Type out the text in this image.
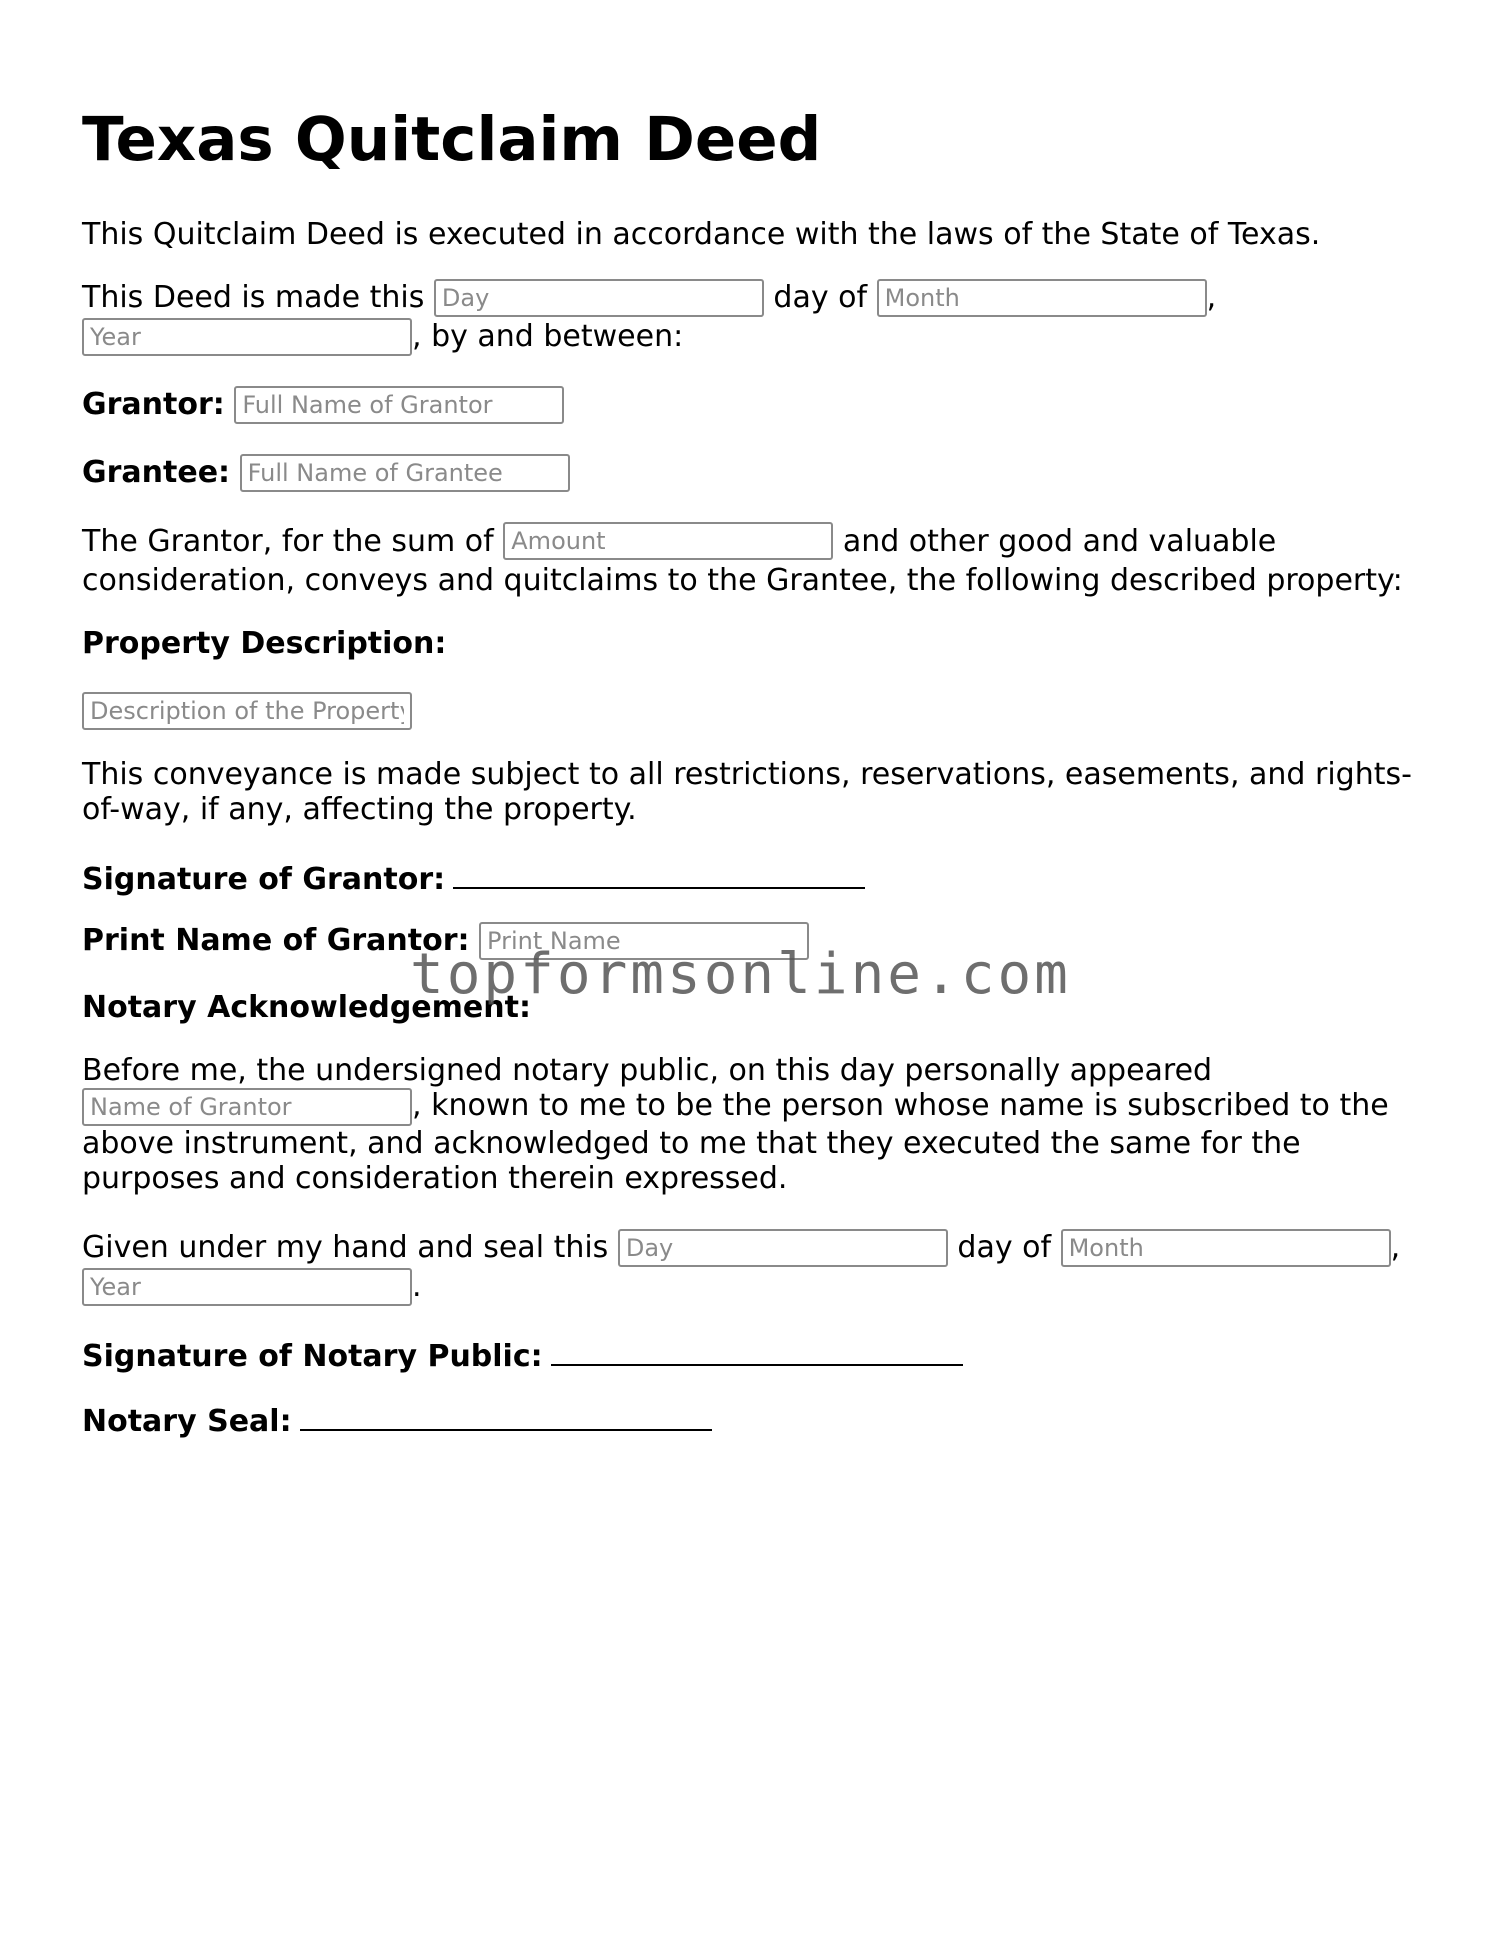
Texas Quitclaim Deed
This Quitclaim Deed is executed in accordance with the laws of the State of Texas.
This Deed is made this Day	day of Month	,
Year, by and between:
Grantor: Full Name of Grantor
Grantee: Full Name of Grantee
The Grantor, for the sum of Amount	and other good and valuable consideration, conveys and quitclaims to the Grantee, the following described property:
Property Description:
Description of the Property
This conveyance is made subject to all restrictions, reservations, easements, and rights-of-way, if any, affecting the property.
Signature of Grantor:
Print Name of Grantor: Print Name
Notary Acknowledgement:
Before me, the undersigned notary public, on this day personally appeared Name of Grantor, known to me to be the person whose name is subscribed to the above instrument, and acknowledged to me that they executed the same for the purposes and consideration therein expressed.
Given under my hand and seal this Day	day of Month	,
Year.
Signature of Notary Public:
Notary Seal:
topformsonline.com
